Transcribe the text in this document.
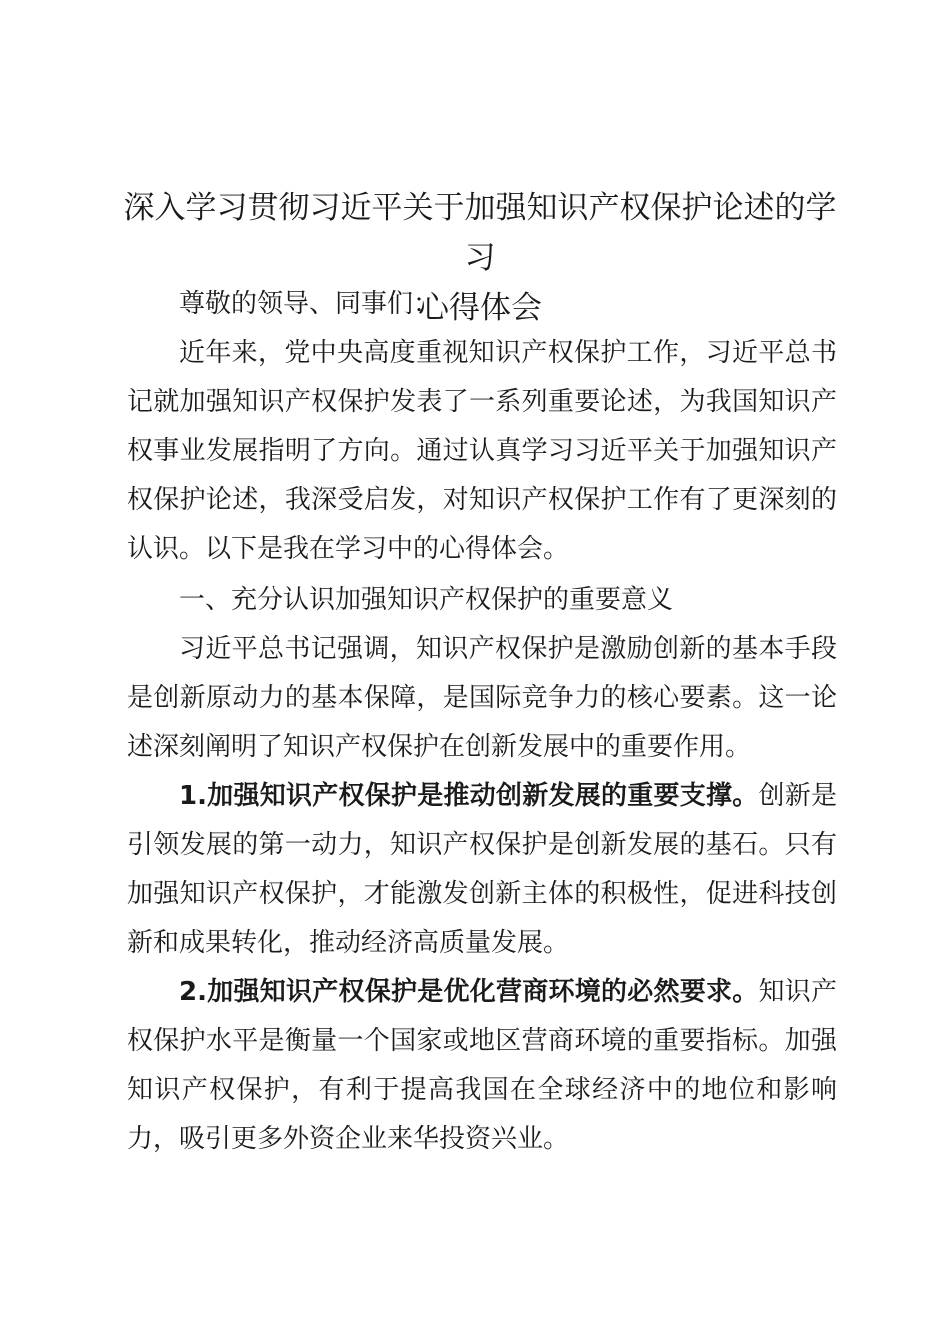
深入学习贯彻习近平关于加强知识产权保护论述的学习
心得体会

尊敬的领导、同事们：

近年来，党中央高度重视知识产权保护工作，习近平总书记就加强知识产权保护发表了一系列重要论述，为我国知识产权事业发展指明了方向。通过认真学习习近平关于加强知识产权保护论述，我深受启发，对知识产权保护工作有了更深刻的认识。以下是我在学习中的心得体会。

一、充分认识加强知识产权保护的重要意义

习近平总书记强调，知识产权保护是激励创新的基本手段是创新原动力的基本保障，是国际竞争力的核心要素。这一论述深刻阐明了知识产权保护在创新发展中的重要作用。

1.加强知识产权保护是推动创新发展的重要支撑。创新是引领发展的第一动力，知识产权保护是创新发展的基石。只有加强知识产权保护，才能激发创新主体的积极性，促进科技创新和成果转化，推动经济高质量发展。

2.加强知识产权保护是优化营商环境的必然要求。知识产权保护水平是衡量一个国家或地区营商环境的重要指标。加强知识产权保护，有利于提高我国在全球经济中的地位和影响力，吸引更多外资企业来华投资兴业。
